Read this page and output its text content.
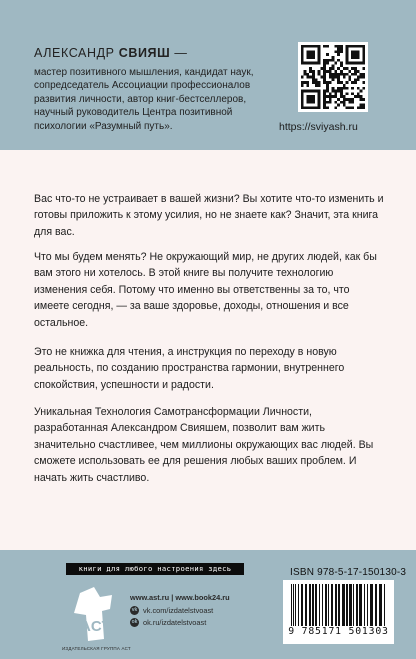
АЛЕКСАНДР СВИЯШ —

мастер позитивного мышления, кандидат наук, сопредседатель Ассоциации профессионалов развития личности, автор книг-бестселлеров, научный руководитель Центра позитивной психологии «Разумный путь».	https://sviyash.ru

Вас что-то не устраивает в вашей жизни? Вы хотите что-то изменить и готовы приложить к этому усилия, но не знаете как? Значит, эта книга для вас.

Что мы будем менять? Не окружающий мир, не других людей, как бы вам этого ни хотелось. В этой книге вы получите технологию изменения себя. Потому что именно вы ответственны за то, что имеете сегодня, — за ваше здоровье, доходы, отношения и все остальное.

Это не книжка для чтения, а инструкция по переходу в новую реальность, по созданию пространства гармонии, внутреннего спокойствия, успешности и радости.

Уникальная Технология Самотрансформации Личности, разработанная Александром Свияшем, позволит вам жить значительно счастливее, чем миллионы окружающих вас людей. Вы сможете использовать ее для решения любых ваших проблем. И начать жить счастливо.

книги для любого настроения здесь
ACT
ИЗДАТЕЛЬСКАЯ ГРУППА АСТ
www.ast.ru | www.book24.ru
vk vk.com/izdatelstvoast
ok ok.ru/izdatelstvoast
ISBN 978-5-17-150130-3
9 785171 501303
